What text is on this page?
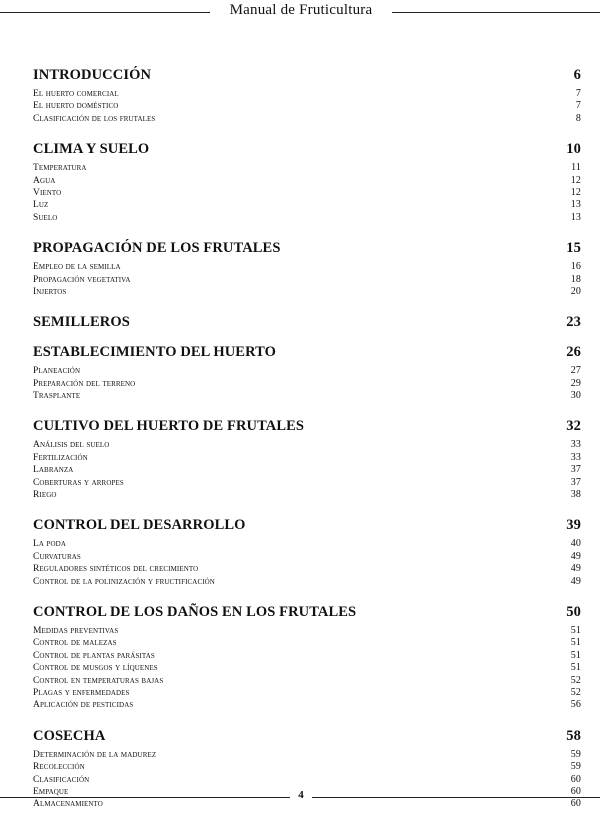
Manual de Fruticultura
INTRODUCCIÓN	6
El huerto comercial	7
El huerto doméstico	7
Clasificación de los frutales	8
CLIMA Y SUELO	10
Temperatura	11
Agua	12
Viento	12
Luz	13
Suelo	13
PROPAGACIÓN DE LOS FRUTALES	15
Empleo de la semilla	16
Propagación vegetativa	18
Injertos	20
SEMILLEROS	23
ESTABLECIMIENTO DEL HUERTO	26
Planeación	27
Preparación del terreno	29
Trasplante	30
CULTIVO DEL HUERTO DE FRUTALES	32
Análisis del suelo	33
Fertilización	33
Labranza	37
Coberturas y arropes	37
Riego	38
CONTROL DEL DESARROLLO	39
La poda	40
Curvaturas	49
Reguladores sintéticos del crecimiento	49
Control de la polinización y fructificación	49
CONTROL DE LOS DAÑOS EN LOS FRUTALES	50
Medidas preventivas	51
Control de malezas	51
Control de plantas parásitas	51
Control de musgos y líquenes	51
Control en temperaturas bajas	52
Plagas y enfermedades	52
Aplicación de pesticidas	56
COSECHA	58
Determinación de la madurez	59
Recolección	59
Clasificación	60
Empaque	60
Almacenamiento	60
4
